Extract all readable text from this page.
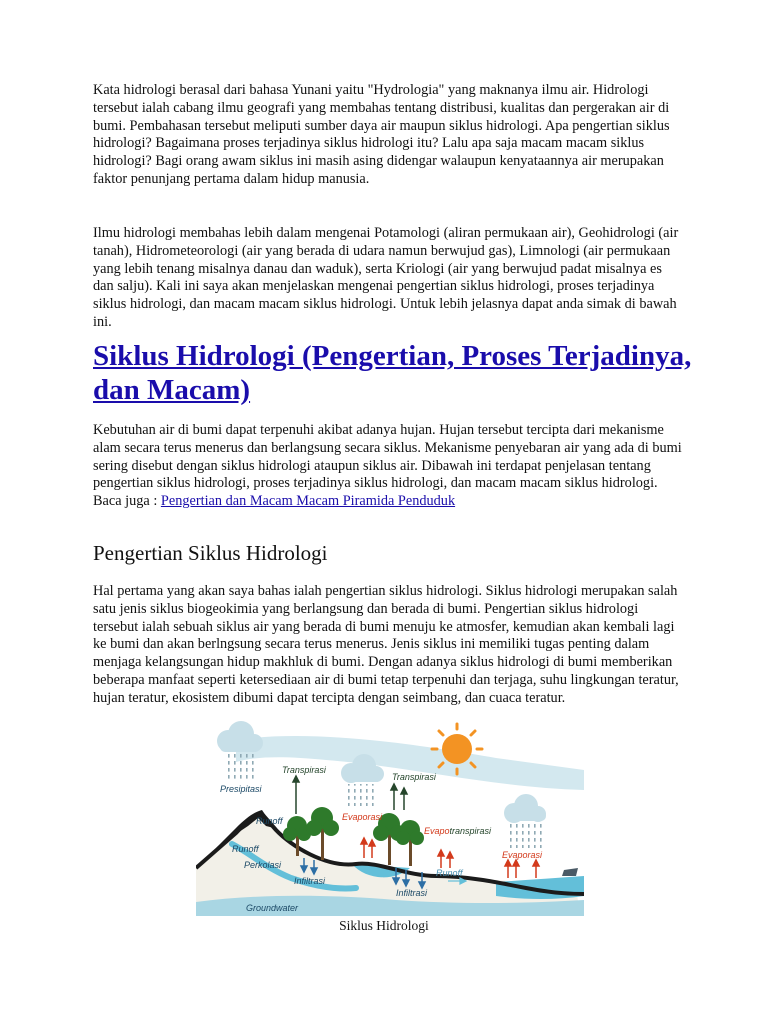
Kata hidrologi berasal dari bahasa Yunani yaitu "Hydrologia" yang maknanya ilmu air. Hidrologi tersebut ialah cabang ilmu geografi yang membahas tentang distribusi, kualitas dan pergerakan air di bumi. Pembahasan tersebut meliputi sumber daya air maupun siklus hidrologi. Apa pengertian siklus hidrologi? Bagaimana proses terjadinya siklus hidrologi itu? Lalu apa saja macam macam siklus hidrologi? Bagi orang awam siklus ini masih asing didengar walaupun kenyataannya air merupakan faktor penunjang pertama dalam hidup manusia.

Ilmu hidrologi membahas lebih dalam mengenai Potamologi (aliran permukaan air), Geohidrologi (air tanah), Hidrometeorologi (air yang berada di udara namun berwujud gas), Limnologi (air permukaan yang lebih tenang misalnya danau dan waduk), serta Kriologi (air yang berwujud padat misalnya es dan salju). Kali ini saya akan menjelaskan mengenai pengertian siklus hidrologi, proses terjadinya siklus hidrologi, dan macam macam siklus hidrologi. Untuk lebih jelasnya dapat anda simak di bawah ini.

Siklus Hidrologi (Pengertian, Proses Terjadinya, dan Macam)
Kebutuhan air di bumi dapat terpenuhi akibat adanya hujan. Hujan tersebut tercipta dari mekanisme alam secara terus menerus dan berlangsung secara siklus. Mekanisme penyebaran air yang ada di bumi sering disebut dengan siklus hidrologi ataupun siklus air. Dibawah ini terdapat penjelasan tentang pengertian siklus hidrologi, proses terjadinya siklus hidrologi, dan macam macam siklus hidrologi.
Baca juga : Pengertian dan Macam Macam Piramida Penduduk
Pengertian Siklus Hidrologi

Hal pertama yang akan saya bahas ialah pengertian siklus hidrologi. Siklus hidrologi merupakan salah satu jenis siklus biogeokimia yang berlangsung dan berada di bumi. Pengertian siklus hidrologi tersebut ialah sebuah siklus air yang berada di bumi menuju ke atmosfer, kemudian akan kembali lagi ke bumi dan akan berlngsung secara terus menerus. Jenis siklus ini memiliki tugas penting dalam menjaga kelangsungan hidup makhluk di bumi. Dengan adanya siklus hidrologi di bumi memberikan beberapa manfaat seperti ketersediaan air di bumi tetap terpenuhi dan terjaga, suhu lingkungan teratur, hujan teratur, ekosistem dibumi dapat tercipta dengan seimbang, dan cuaca teratur.

Presipitasi
Transpirasi
Transpirasi
Evaporasi
Evapotranspirasi
Evaporasi
Runoff
Runoff
Runoff
Perkolasi
Infiltrasi
Infiltrasi
Groundwater

Siklus Hidrologi
